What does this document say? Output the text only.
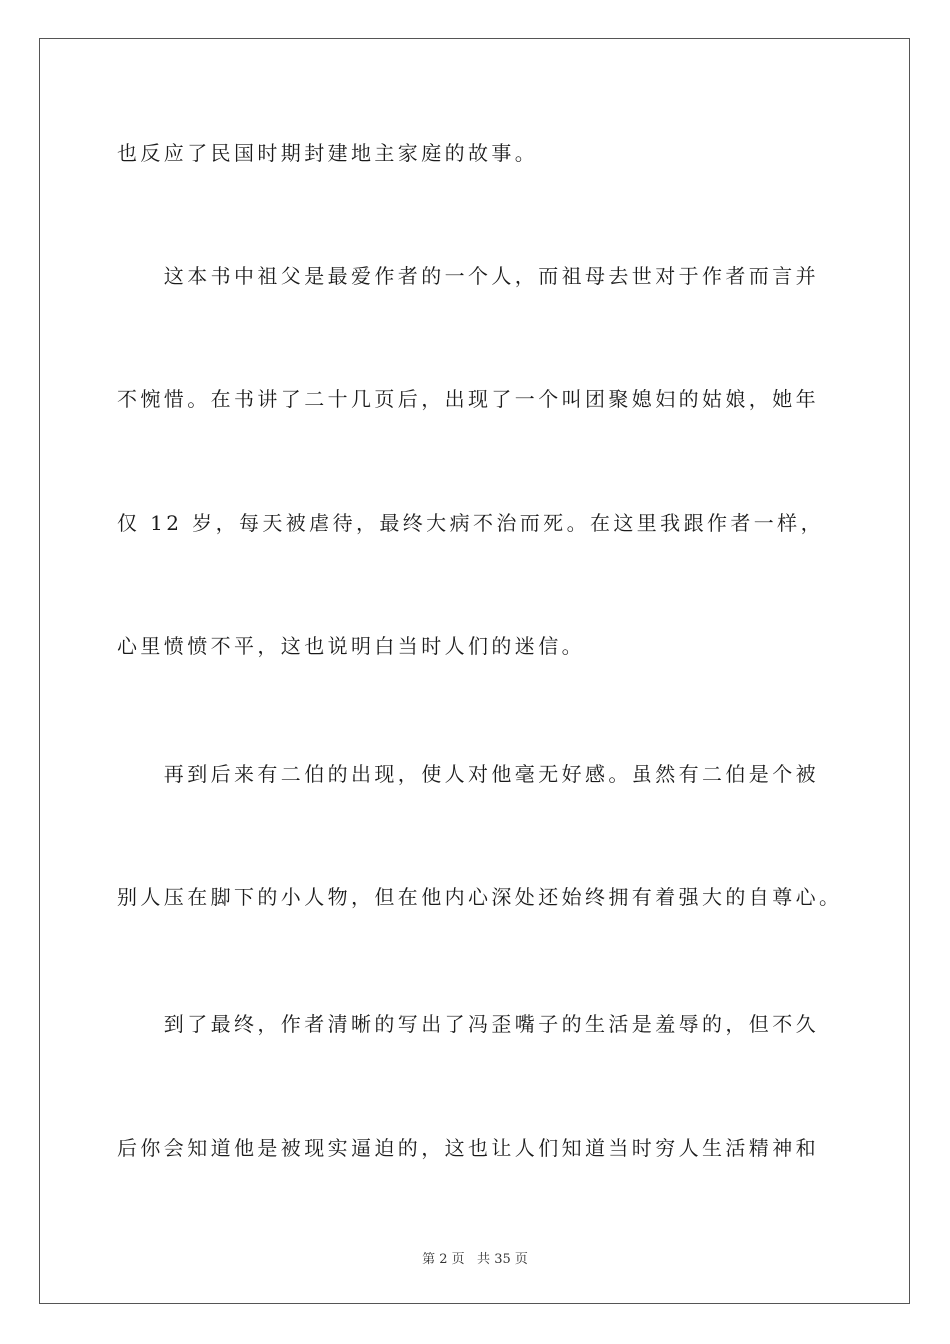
也反应了民国时期封建地主家庭的故事。
　　这本书中祖父是最爱作者的一个人，而祖母去世对于作者而言并
不惋惜。在书讲了二十几页后，出现了一个叫团聚媳妇的姑娘，她年
仅 12 岁，每天被虐待，最终大病不治而死。在这里我跟作者一样，
心里愤愤不平，这也说明白当时人们的迷信。
　　再到后来有二伯的出现，使人对他毫无好感。虽然有二伯是个被
别人压在脚下的小人物，但在他内心深处还始终拥有着强大的自尊心。
　　到了最终，作者清晰的写出了冯歪嘴子的生活是羞辱的，但不久
后你会知道他是被现实逼迫的，这也让人们知道当时穷人生活精神和
第 2 页   共 35 页
